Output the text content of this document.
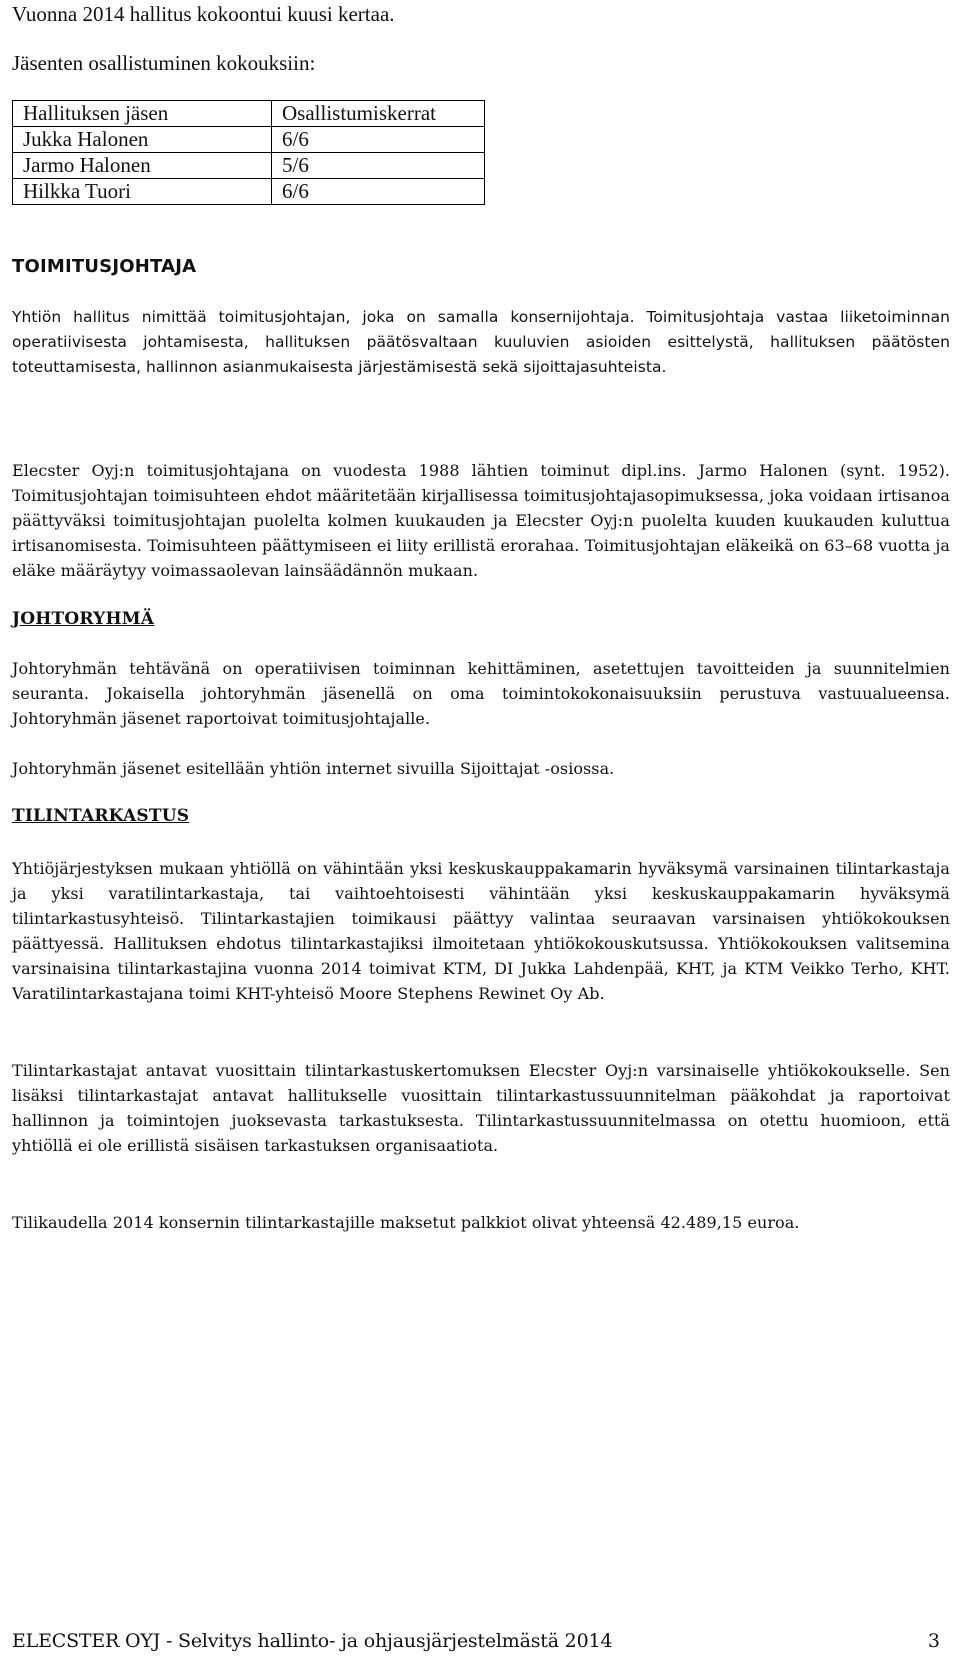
Vuonna 2014 hallitus kokoontui kuusi kertaa.
Jäsenten osallistuminen kokouksiin:
Hallituksen jäsen	Osallistumiskerrat
Jukka Halonen	6/6
Jarmo Halonen	5/6
Hilkka Tuori	6/6
TOIMITUSJOHTAJA

Yhtiön hallitus nimittää toimitusjohtajan, joka on samalla konsernijohtaja. Toimitusjohtaja vastaa liiketoiminnan operatiivisesta johtamisesta, hallituksen päätösvaltaan kuuluvien asioiden esittelystä, hallituksen päätösten toteuttamisesta, hallinnon asianmukaisesta järjestämisestä sekä sijoittajasuhteista.

Elecster Oyj:n toimitusjohtajana on vuodesta 1988 lähtien toiminut dipl.ins. Jarmo Halonen (synt. 1952). Toimitusjohtajan toimisuhteen ehdot määritetään kirjallisessa toimitusjohtajasopimuksessa, joka voidaan irtisanoa päättyväksi toimitusjohtajan puolelta kolmen kuukauden ja Elecster Oyj:n puolelta kuuden kuukauden kuluttua irtisanomisesta. Toimisuhteen päättymiseen ei liity erillistä erorahaa. Toimitusjohtajan eläkeikä on 63–68 vuotta ja eläke määräytyy voimassaolevan lainsäädännön mukaan.

JOHTORYHMÄ

Johtoryhmän tehtävänä on operatiivisen toiminnan kehittäminen, asetettujen tavoitteiden ja suunnitelmien seuranta. Jokaisella johtoryhmän jäsenellä on oma toimintokokonaisuuksiin perustuva vastuualueensa. Johtoryhmän jäsenet raportoivat toimitusjohtajalle.

Johtoryhmän jäsenet esitellään yhtiön internet sivuilla Sijoittajat -osiossa.

TILINTARKASTUS

Yhtiöjärjestyksen mukaan yhtiöllä on vähintään yksi keskuskauppakamarin hyväksymä varsinainen tilintarkastaja ja yksi varatilintarkastaja, tai vaihtoehtoisesti vähintään yksi keskuskauppakamarin hyväksymä tilintarkastusyhteisö. Tilintarkastajien toimikausi päättyy valintaa seuraavan varsinaisen yhtiökokouksen päättyessä. Hallituksen ehdotus tilintarkastajiksi ilmoitetaan yhtiökokouskutsussa. Yhtiökokouksen valitsemina varsinaisina tilintarkastajina vuonna 2014 toimivat KTM, DI Jukka Lahdenpää, KHT, ja KTM Veikko Terho, KHT. Varatilintarkastajana toimi KHT-yhteisö Moore Stephens Rewinet Oy Ab.

Tilintarkastajat antavat vuosittain tilintarkastuskertomuksen Elecster Oyj:n varsinaiselle yhtiökokoukselle. Sen lisäksi tilintarkastajat antavat hallitukselle vuosittain tilintarkastussuunnitelman pääkohdat ja raportoivat hallinnon ja toimintojen juoksevasta tarkastuksesta. Tilintarkastussuunnitelmassa on otettu huomioon, että yhtiöllä ei ole erillistä sisäisen tarkastuksen organisaatiota.

Tilikaudella 2014 konsernin tilintarkastajille maksetut palkkiot olivat yhteensä 42.489,15 euroa.

ELECSTER OYJ - Selvitys hallinto- ja ohjausjärjestelmästä 2014	3
